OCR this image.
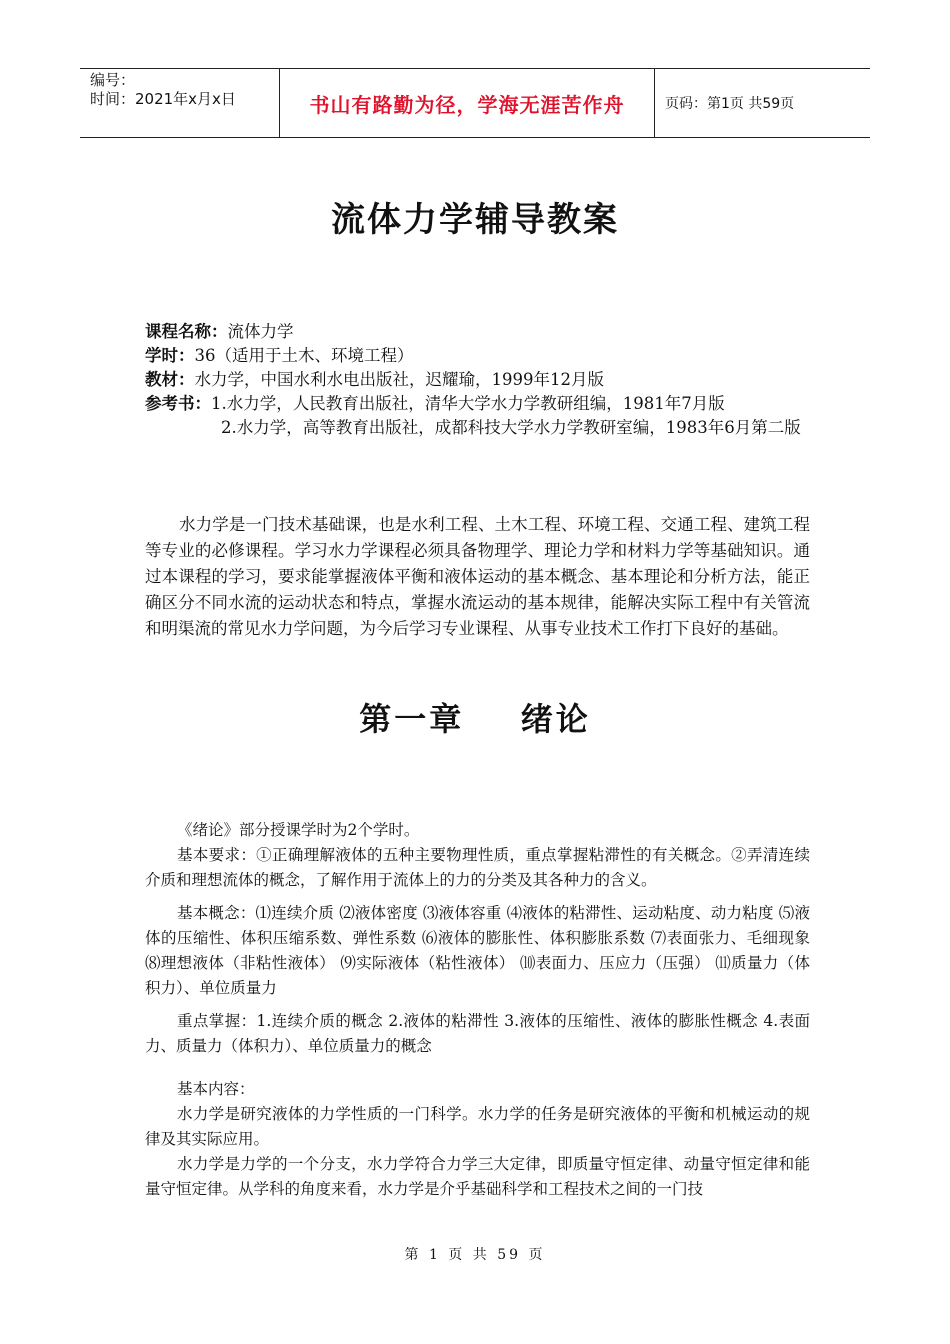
编号：
时间：2021年x月x日	书山有路勤为径，学海无涯苦作舟	页码：第1页 共59页
流体力学辅导教案
课程名称：流体力学
学时：36（适用于土木、环境工程）
教材：水力学，中国水利水电出版社，迟耀瑜，1999年12月版
参考书：1.水力学，人民教育出版社，清华大学水力学教研组编，1981年7月版
2.水力学，高等教育出版社，成都科技大学水力学教研室编，1983年6月第二版
水力学是一门技术基础课，也是水利工程、土木工程、环境工程、交通工程、建筑工程等专业的必修课程。学习水力学课程必须具备物理学、理论力学和材料力学等基础知识。通过本课程的学习，要求能掌握液体平衡和液体运动的基本概念、基本理论和分析方法，能正确区分不同水流的运动状态和特点，掌握水流运动的基本规律，能解决实际工程中有关管流和明渠流的常见水力学问题，为今后学习专业课程、从事专业技术工作打下良好的基础。
第一章    绪论

《绪论》部分授课学时为2个学时。

基本要求：①正确理解液体的五种主要物理性质，重点掌握粘滞性的有关概念。②弄清连续介质和理想流体的概念，了解作用于流体上的力的分类及其各种力的含义。

基本概念：⑴连续介质 ⑵液体密度 ⑶液体容重 ⑷液体的粘滞性、运动粘度、动力粘度 ⑸液体的压缩性、体积压缩系数、弹性系数 ⑹液体的膨胀性、体积膨胀系数 ⑺表面张力、毛细现象 ⑻理想液体（非粘性液体） ⑼实际液体（粘性液体） ⑽表面力、压应力（压强） ⑾质量力（体积力）、单位质量力

重点掌握：1.连续介质的概念 2.液体的粘滞性 3.液体的压缩性、液体的膨胀性概念 4.表面力、质量力（体积力）、单位质量力的概念

基本内容：

水力学是研究液体的力学性质的一门科学。水力学的任务是研究液体的平衡和机械运动的规律及其实际应用。

水力学是力学的一个分支，水力学符合力学三大定律，即质量守恒定律、动量守恒定律和能量守恒定律。从学科的角度来看，水力学是介乎基础科学和工程技术之间的一门技

第 1 页 共 59 页
